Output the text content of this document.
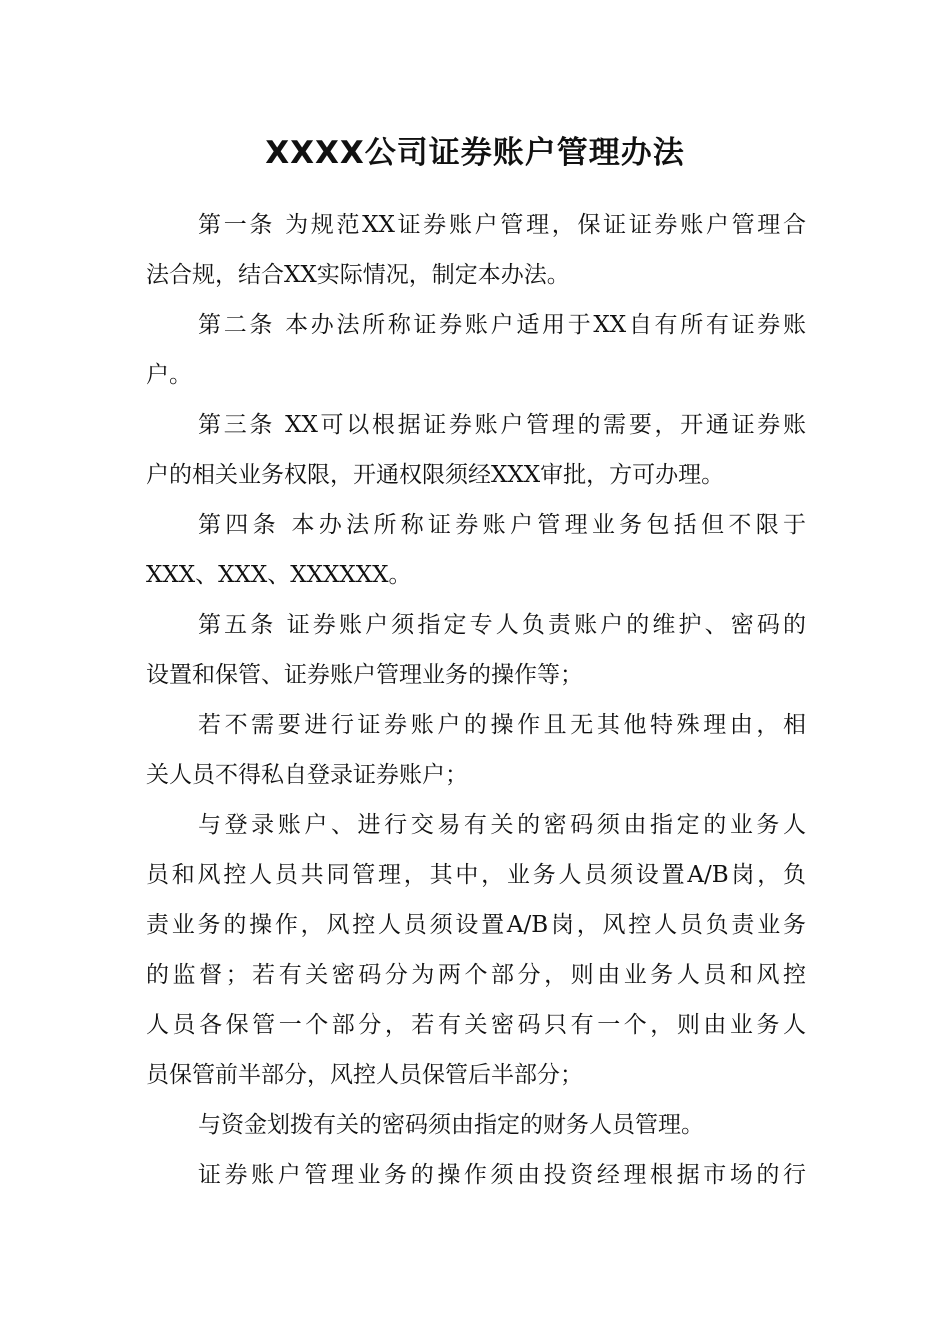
XXXX公司证券账户管理办法
第一条 为规范XX证券账户管理，保证证券账户管理合
法合规，结合XX实际情况，制定本办法。
第二条 本办法所称证券账户适用于XX自有所有证券账
户。
第三条 XX可以根据证券账户管理的需要，开通证券账
户的相关业务权限，开通权限须经XXX审批，方可办理。
第四条 本办法所称证券账户管理业务包括但不限于
XXX、XXX、XXXXXX。
第五条 证券账户须指定专人负责账户的维护、密码的
设置和保管、证券账户管理业务的操作等；
若不需要进行证券账户的操作且无其他特殊理由，相
关人员不得私自登录证券账户；
与登录账户、进行交易有关的密码须由指定的业务人
员和风控人员共同管理，其中，业务人员须设置A/B岗，负
责业务的操作，风控人员须设置A/B岗，风控人员负责业务
的监督；若有关密码分为两个部分，则由业务人员和风控
人员各保管一个部分，若有关密码只有一个，则由业务人
员保管前半部分，风控人员保管后半部分；
与资金划拨有关的密码须由指定的财务人员管理。
证券账户管理业务的操作须由投资经理根据市场的行
